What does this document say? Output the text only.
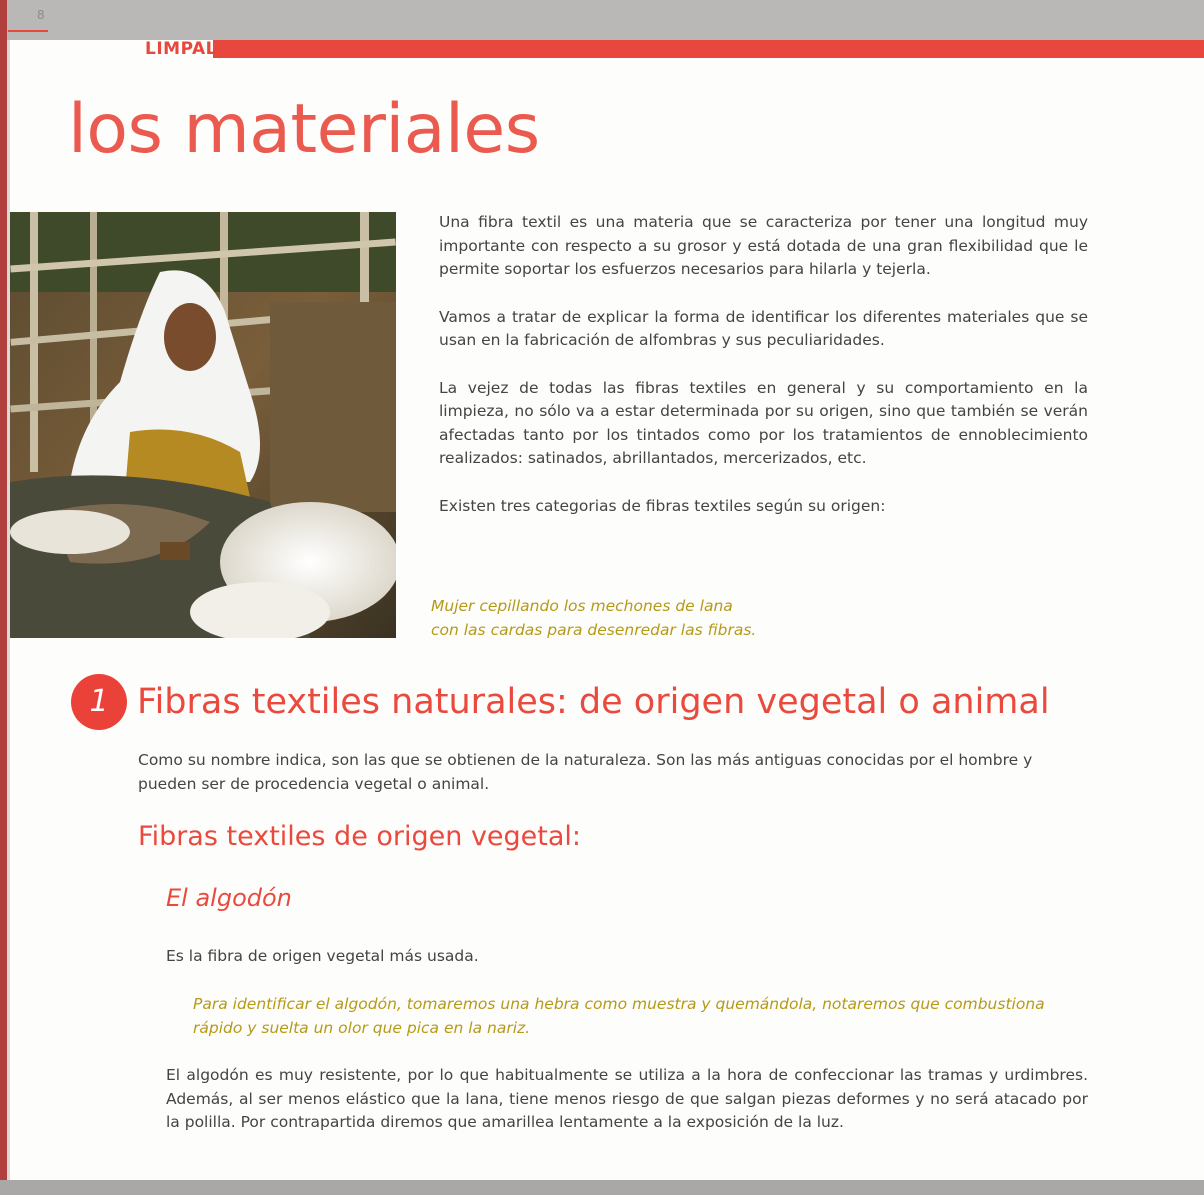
8
LIMPALF
los materiales

Una fibra textil es una materia que se caracteriza por tener una longitud muy importante con respecto a su grosor y está dotada de una gran flexibilidad que le permite soportar los esfuerzos necesarios para hilarla y tejerla.

Vamos a tratar de explicar la forma de identificar los diferentes materiales que se usan en la fabricación de alfombras y sus peculiaridades.

La vejez de todas las fibras textiles en general y su comportamiento en la limpieza, no sólo va a estar determinada por su origen, sino que también se verán afectadas tanto por los tintados como por los tratamientos de ennoblecimiento realizados: satinados, abrillantados, mercerizados, etc.

Existen tres categorias de fibras textiles según su origen:

Mujer cepillando los mechones de lana
con las cardas para desenredar las fibras.
1 Fibras textiles naturales: de origen vegetal o animal

Como su nombre indica, son las que se obtienen de la naturaleza. Son las más antiguas conocidas por el hombre y pueden ser de procedencia vegetal o animal.

Fibras textiles de origen vegetal:
El algodón

Es la fibra de origen vegetal más usada.

Para identificar el algodón, tomaremos una hebra como muestra y quemándola, notaremos que combustiona rápido y suelta un olor que pica en la nariz.

El algodón es muy resistente, por lo que habitualmente se utiliza a la hora de confeccionar las tramas y urdimbres. Además, al ser menos elástico que la lana, tiene menos riesgo de que salgan piezas deformes y no será atacado por la polilla. Por contrapartida diremos que amarillea lentamente a la exposición de la luz.
